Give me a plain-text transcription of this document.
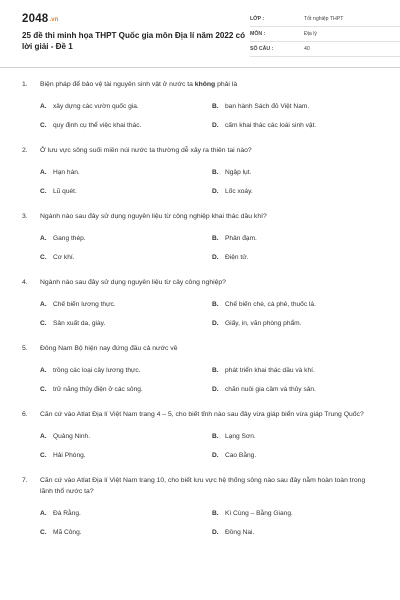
2048.vn
25 đề thi minh họa THPT Quốc gia môn Địa lí năm 2022 có lời giải - Đề 1
LỚP :	Tốt nghiệp THPT
MÔN :	Địa lý
SỐ CÂU :	40
1.	Biện pháp để bảo vệ tài nguyên sinh vật ở nước ta không phải là
A. xây dựng các vườn quốc gia.	B. ban hành Sách đỏ Việt Nam.
C. quy định cụ thể việc khai thác.	D. cấm khai thác các loài sinh vật.
2.	Ở lưu vực sông suối miền núi nước ta thường dễ xảy ra thiên tai nào?
A. Hạn hán.	B. Ngập lụt.
C. Lũ quét.	D. Lốc xoáy.
3.	Ngành nào sau đây sử dụng nguyên liệu từ công nghiệp khai thác dầu khí?
A. Gang thép.	B. Phân đạm.
C. Cơ khí.	D. Điện tử.
4.	Ngành nào sau đây sử dụng nguyên liệu từ cây công nghiệp?
A. Chế biến lương thực.	B. Chế biến chè, cà phê, thuốc lá.
C. Sản xuất da, giày.	D. Giấy, in, văn phòng phẩm.
5.	Đông Nam Bộ hiện nay đứng đầu cả nước về
A. trồng các loại cây lương thực.	B. phát triển khai thác dầu và khí.
C. trữ năng thủy điện ở các sông.	D. chăn nuôi gia cầm và thủy sản.
6.	Căn cứ vào Atlat Địa lí Việt Nam trang 4 – 5, cho biết tỉnh nào sau đây vừa giáp biển vừa giáp Trung Quốc?
A. Quảng Ninh.	B. Lạng Sơn.
C. Hải Phòng.	D. Cao Bằng.
7.	Căn cứ vào Atlat Địa lí Việt Nam trang 10, cho biết lưu vực hệ thống sông nào sau đây nằm hoàn toàn trong lãnh thổ nước ta?
A. Đà Rằng.	B. Kì Cùng – Bằng Giang.
C. Mã Công.	D. Đồng Nai.
